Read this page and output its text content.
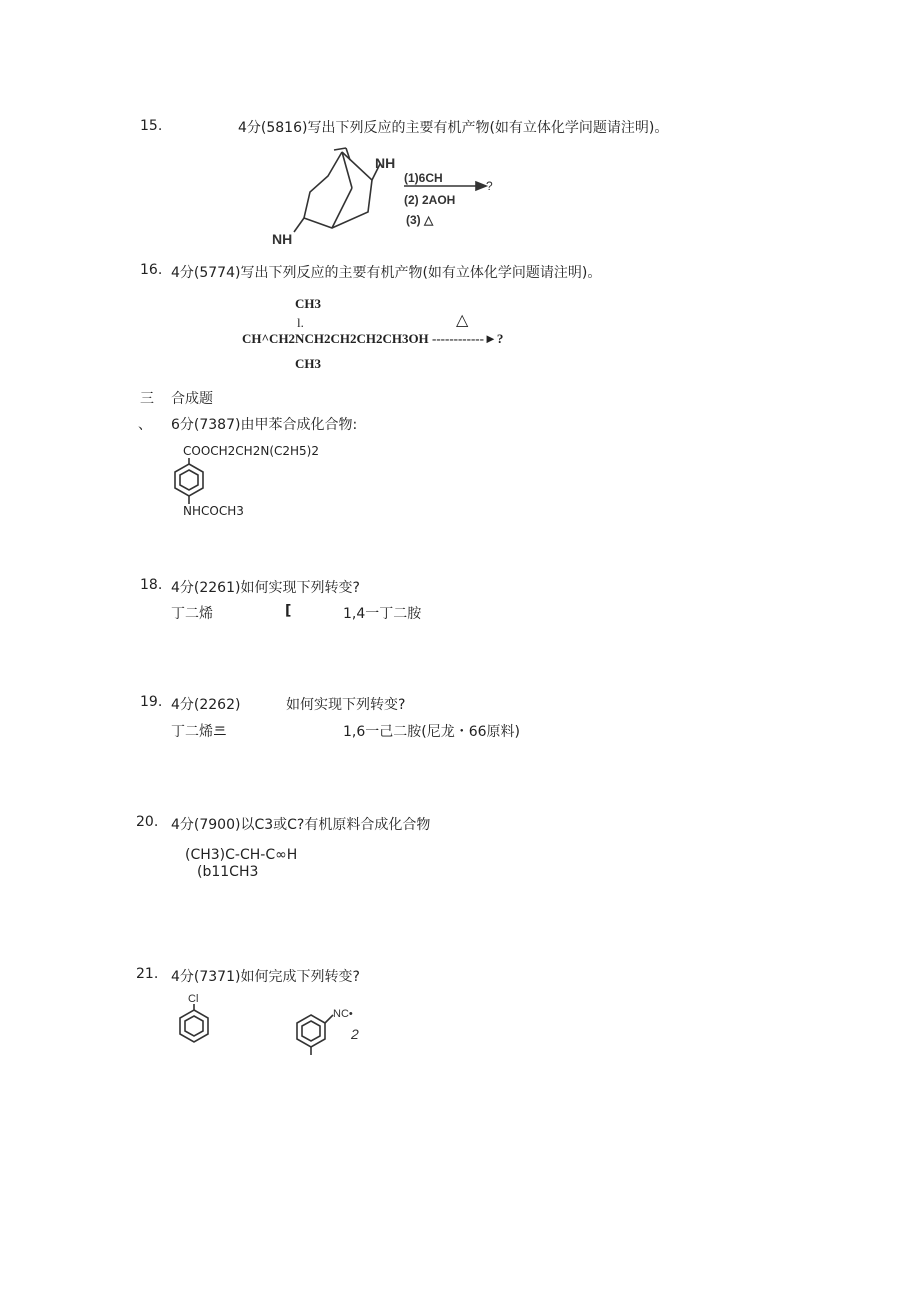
15.	4分(5816)写出下列反应的主要有机产物(如有立体化学问题请注明)。
NH
NH
(1)6CH
?
(2) 2AOH
(3) △
16. 4分(5774)写出下列反应的主要有机产物(如有立体化学问题请注明)。
CH3
l.	△
CH^CH2NCH2CH2CH2CH3OH ------------►?
CH3
三 合成题
、 6分(7387)由甲苯合成化合物:
COOCH2CH2N(C2H5)2
NHCOCH3
18. 4分(2261)如何实现下列转变?
丁二烯	[	1,4一丁二胺
19. 4分(2262)	如何实现下列转变?
丁二烯 =	1,6一己二胺(尼龙・66原料)
20. 4分(7900)以C3或C?有机原料合成化合物
(CH3)C-CH-C∞H
(b11CH3
21. 4分(7371)如何完成下列转变?
Cl
NC•
2
